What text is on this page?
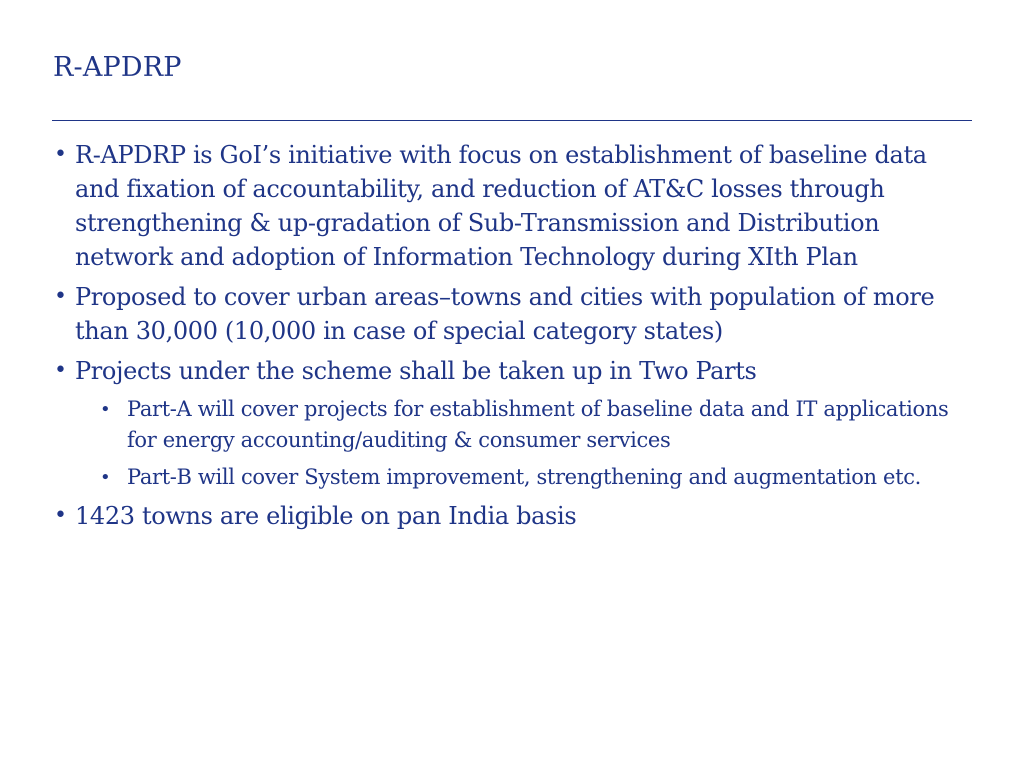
R-APDRP
• R-APDRP is GoI’s initiative with focus on establishment of baseline data and fixation of accountability, and reduction of AT&C losses through strengthening & up-gradation of Sub-Transmission and Distribution network and adoption of Information Technology during XIth Plan
• Proposed to cover urban areas–towns and cities with population of more than 30,000 (10,000 in case of special category states)
• Projects under the scheme shall be taken up in Two Parts
• Part-A will cover projects for establishment of baseline data and IT applications for energy accounting/auditing & consumer services
• Part-B will cover System improvement, strengthening and augmentation etc.
• 1423 towns are eligible on pan India basis
